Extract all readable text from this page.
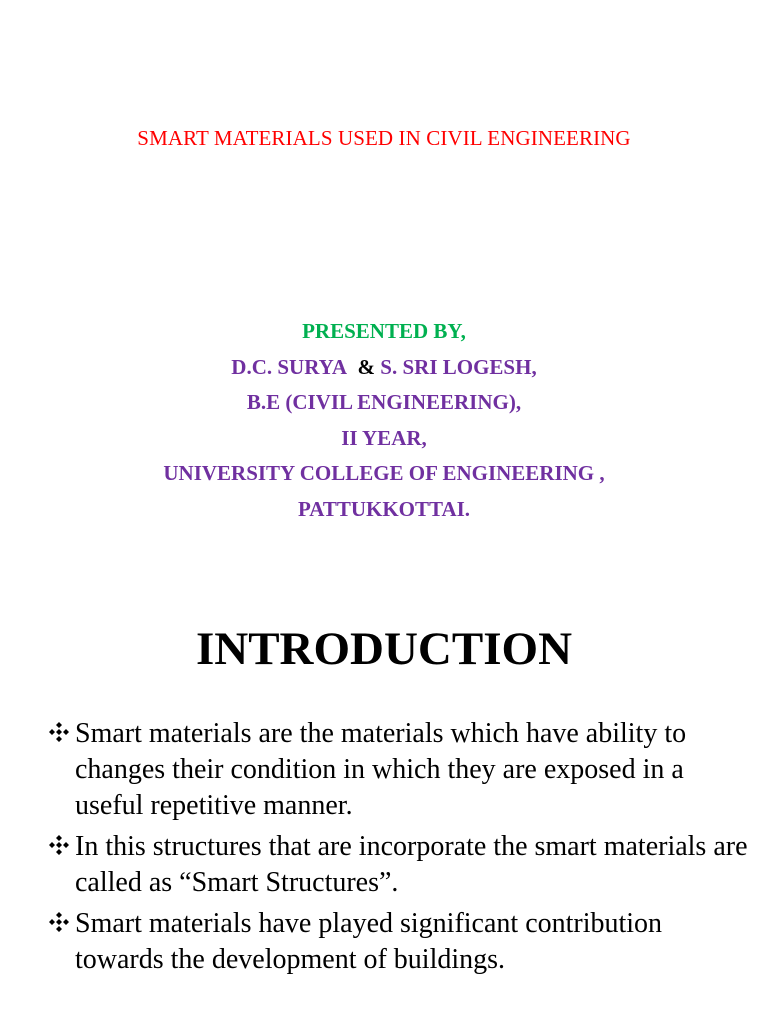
SMART MATERIALS USED IN CIVIL ENGINEERING
PRESENTED BY,
D.C. SURYA & S. SRI LOGESH,
B.E (CIVIL ENGINEERING),
II YEAR,
UNIVERSITY COLLEGE OF ENGINEERING ,
PATTUKKOTTAI.
INTRODUCTION
Smart materials are the materials which have ability to changes their condition in which they are exposed in a useful repetitive manner.
In this structures that are incorporate the smart materials are called as “Smart Structures”.
Smart materials have played significant contribution towards the development of buildings.
